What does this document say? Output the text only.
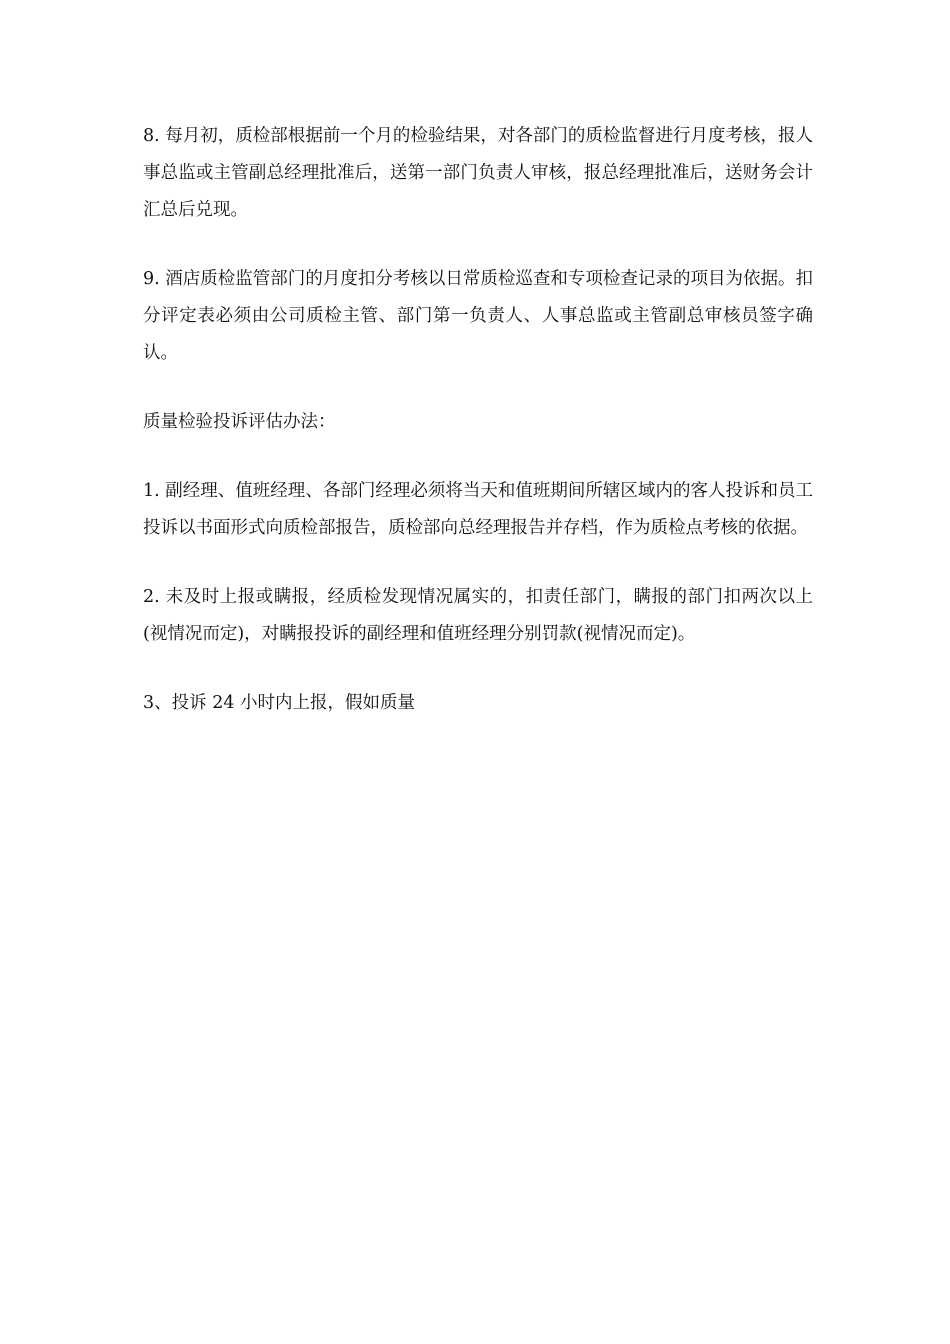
8. 每月初，质检部根据前一个月的检验结果，对各部门的质检监督进行月度考核，报人事总监或主管副总经理批准后，送第一部门负责人审核，报总经理批准后，送财务会计汇总后兑现。

9. 酒店质检监管部门的月度扣分考核以日常质检巡查和专项检查记录的项目为依据。扣分评定表必须由公司质检主管、部门第一负责人、人事总监或主管副总审核员签字确认。

质量检验投诉评估办法：

1. 副经理、值班经理、各部门经理必须将当天和值班期间所辖区域内的客人投诉和员工投诉以书面形式向质检部报告，质检部向总经理报告并存档，作为质检点考核的依据。

2. 未及时上报或瞒报，经质检发现情况属实的，扣责任部门，瞒报的部门扣两次以上(视情况而定)，对瞒报投诉的副经理和值班经理分别罚款(视情况而定)。

3、投诉 24 小时内上报，假如质量
